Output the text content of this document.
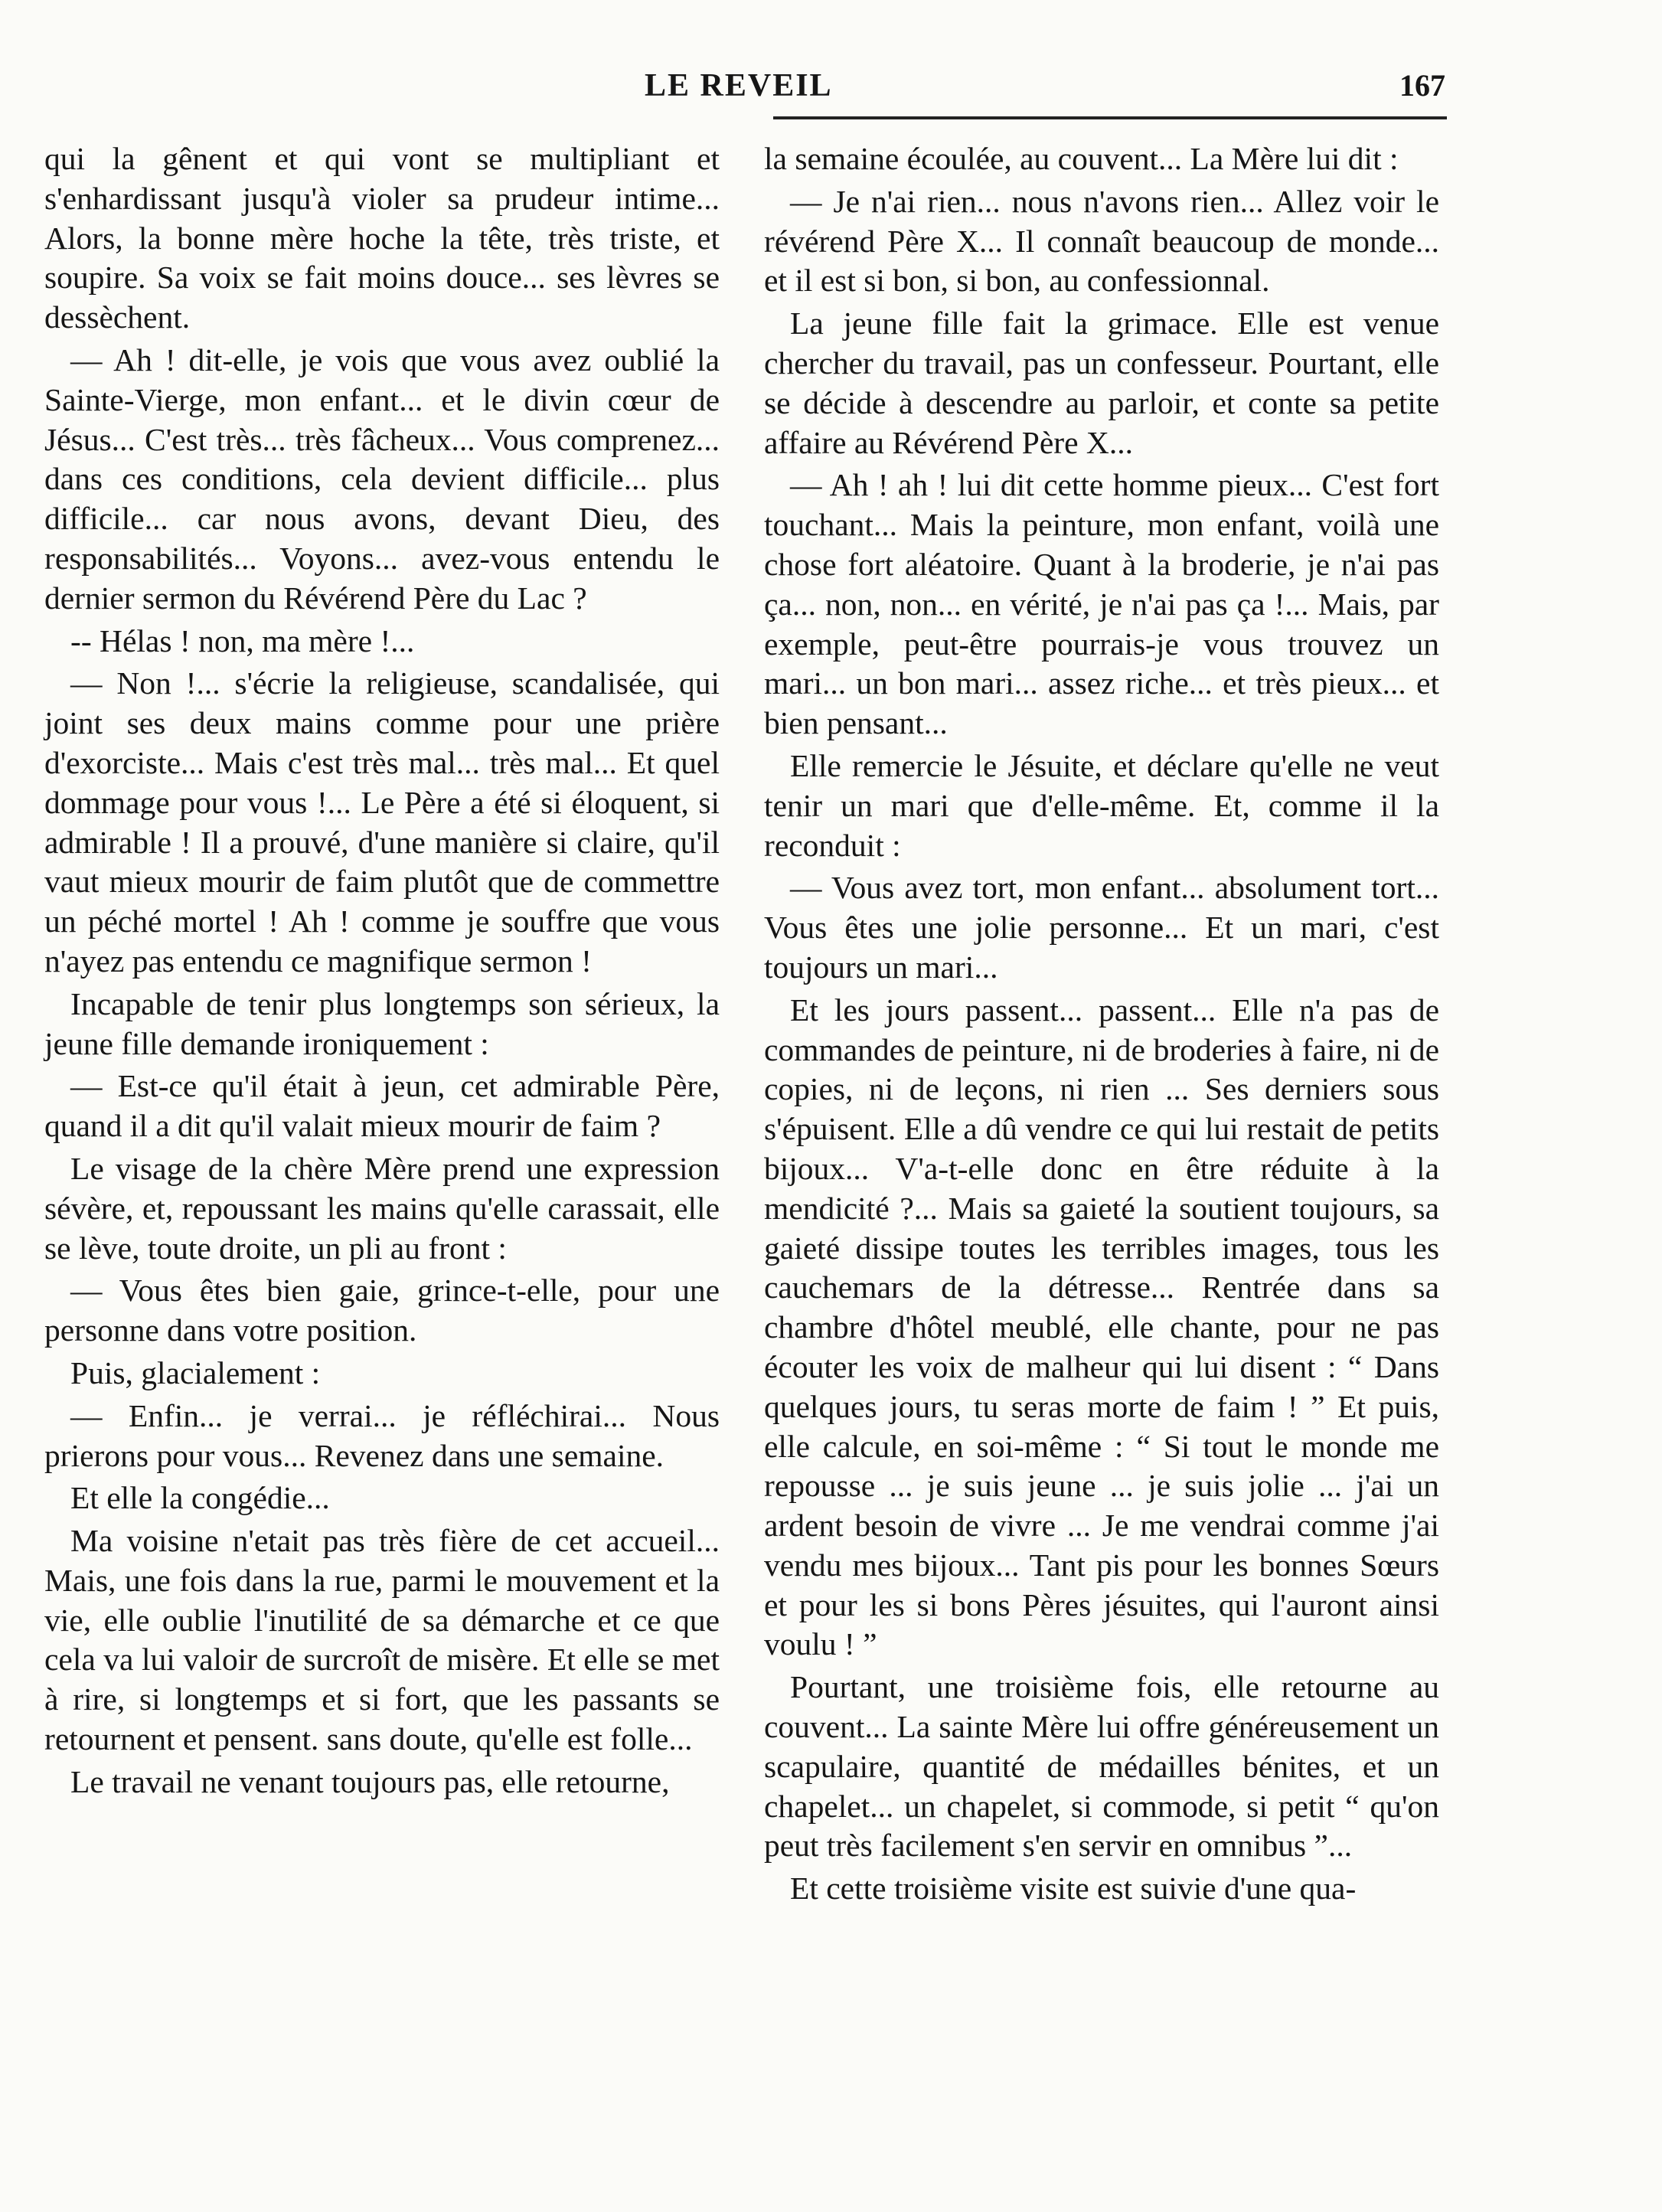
LE REVEIL	167

qui la gênent et qui vont se multipliant et s'enhardissant jusqu'à violer sa prudeur intime... Alors, la bonne mère hoche la tête, très triste, et soupire. Sa voix se fait moins douce... ses lèvres se dessèchent.

— Ah ! dit-elle, je vois que vous avez oublié la Sainte-Vierge, mon enfant... et le divin cœur de Jésus... C'est très... très fâcheux... Vous comprenez... dans ces conditions, cela devient difficile... plus difficile... car nous avons, devant Dieu, des responsabilités... Voyons... avez-vous entendu le dernier sermon du Révérend Père du Lac ?

-- Hélas ! non, ma mère !...

— Non !... s'écrie la religieuse, scandalisée, qui joint ses deux mains comme pour une prière d'exorciste... Mais c'est très mal... très mal... Et quel dommage pour vous !... Le Père a été si éloquent, si admirable ! Il a prouvé, d'une manière si claire, qu'il vaut mieux mourir de faim plutôt que de commettre un péché mortel ! Ah ! comme je souffre que vous n'ayez pas entendu ce magnifique sermon !

Incapable de tenir plus longtemps son sérieux, la jeune fille demande ironiquement :

— Est-ce qu'il était à jeun, cet admirable Père, quand il a dit qu'il valait mieux mourir de faim ?

Le visage de la chère Mère prend une expression sévère, et, repoussant les mains qu'elle carassait, elle se lève, toute droite, un pli au front :

— Vous êtes bien gaie, grince-t-elle, pour une personne dans votre position.

Puis, glacialement :

— Enfin... je verrai... je réfléchirai... Nous prierons pour vous... Revenez dans une semaine.

Et elle la congédie...

Ma voisine n'etait pas très fière de cet accueil... Mais, une fois dans la rue, parmi le mouvement et la vie, elle oublie l'inutilité de sa démarche et ce que cela va lui valoir de surcroît de misère. Et elle se met à rire, si longtemps et si fort, que les passants se retournent et pensent. sans doute, qu'elle est folle...

Le travail ne venant toujours pas, elle retourne,

la semaine écoulée, au couvent... La Mère lui dit :

— Je n'ai rien... nous n'avons rien... Allez voir le révérend Père X... Il connaît beaucoup de monde... et il est si bon, si bon, au confessionnal.

La jeune fille fait la grimace. Elle est venue chercher du travail, pas un confesseur. Pourtant, elle se décide à descendre au parloir, et conte sa petite affaire au Révérend Père X...

— Ah ! ah ! lui dit cette homme pieux... C'est fort touchant... Mais la peinture, mon enfant, voilà une chose fort aléatoire. Quant à la broderie, je n'ai pas ça... non, non... en vérité, je n'ai pas ça !... Mais, par exemple, peut-être pourrais-je vous trouvez un mari... un bon mari... assez riche... et très pieux... et bien pensant...

Elle remercie le Jésuite, et déclare qu'elle ne veut tenir un mari que d'elle-même. Et, comme il la reconduit :

— Vous avez tort, mon enfant... absolument tort... Vous êtes une jolie personne... Et un mari, c'est toujours un mari...

Et les jours passent... passent... Elle n'a pas de commandes de peinture, ni de broderies à faire, ni de copies, ni de leçons, ni rien ... Ses derniers sous s'épuisent. Elle a dû vendre ce qui lui restait de petits bijoux... V'a-t-elle donc en être réduite à la mendicité ?... Mais sa gaieté la soutient toujours, sa gaieté dissipe toutes les terribles images, tous les cauchemars de la détresse... Rentrée dans sa chambre d'hôtel meublé, elle chante, pour ne pas écouter les voix de malheur qui lui disent : “ Dans quelques jours, tu seras morte de faim ! ” Et puis, elle calcule, en soi-même : “ Si tout le monde me repousse ... je suis jeune ... je suis jolie ... j'ai un ardent besoin de vivre ... Je me vendrai comme j'ai vendu mes bijoux... Tant pis pour les bonnes Sœurs et pour les si bons Pères jésuites, qui l'auront ainsi voulu ! ”

Pourtant, une troisième fois, elle retourne au couvent... La sainte Mère lui offre généreusement un scapulaire, quantité de médailles bénites, et un chapelet... un chapelet, si commode, si petit “ qu'on peut très facilement s'en servir en omnibus ”...

Et cette troisième visite est suivie d'une qua-
